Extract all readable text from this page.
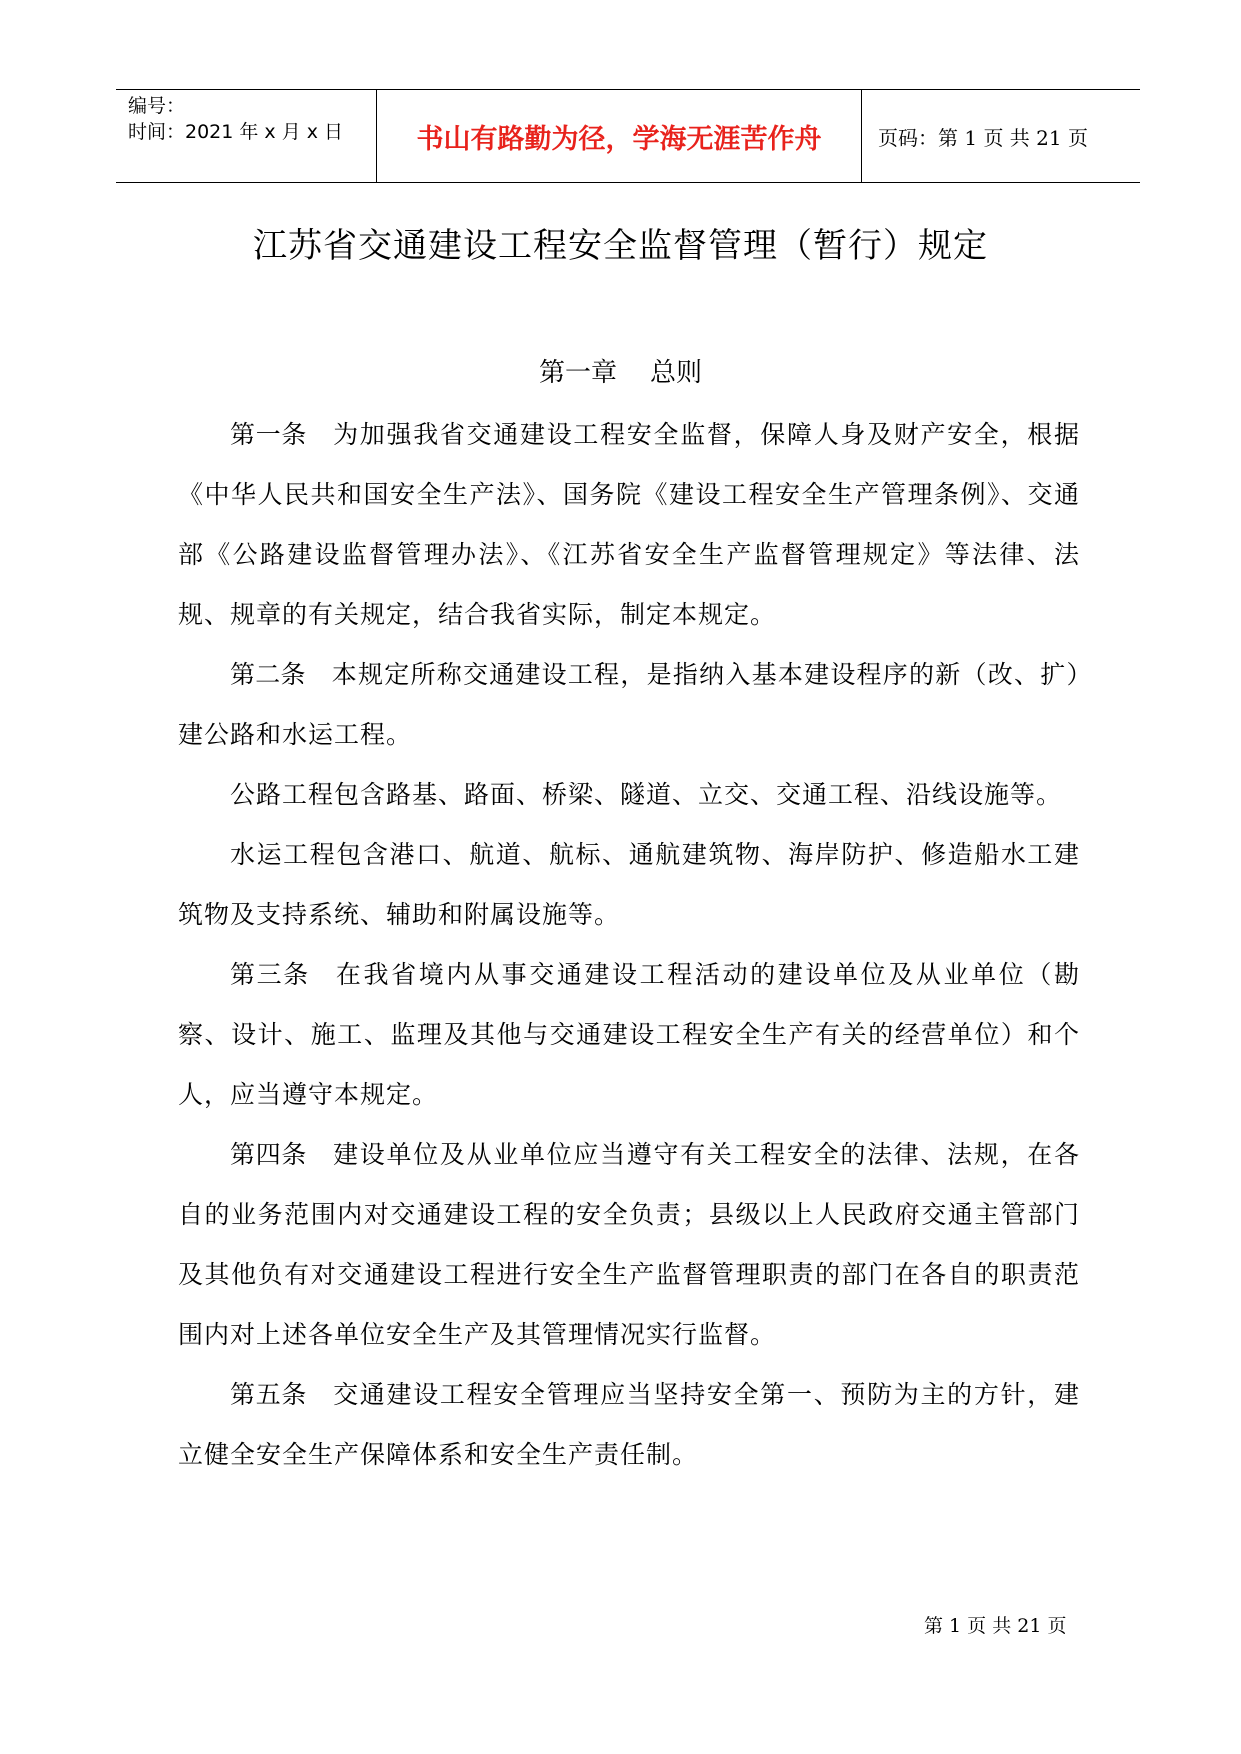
编号：
时间：2021 年 x 月 x 日	书山有路勤为径，学海无涯苦作舟	页码：第 1 页 共 21 页
江苏省交通建设工程安全监督管理（暂行）规定
第一章    总则

第一条 为加强我省交通建设工程安全监督，保障人身及财产安全，根据《中华人民共和国安全生产法》、国务院《建设工程安全生产管理条例》、交通部《公路建设监督管理办法》、《江苏省安全生产监督管理规定》等法律、法规、规章的有关规定，结合我省实际，制定本规定。

第二条 本规定所称交通建设工程，是指纳入基本建设程序的新（改、扩）建公路和水运工程。

公路工程包含路基、路面、桥梁、隧道、立交、交通工程、沿线设施等。

水运工程包含港口、航道、航标、通航建筑物、海岸防护、修造船水工建筑物及支持系统、辅助和附属设施等。

第三条 在我省境内从事交通建设工程活动的建设单位及从业单位（勘察、设计、施工、监理及其他与交通建设工程安全生产有关的经营单位）和个人，应当遵守本规定。

第四条 建设单位及从业单位应当遵守有关工程安全的法律、法规，在各自的业务范围内对交通建设工程的安全负责；县级以上人民政府交通主管部门及其他负有对交通建设工程进行安全生产监督管理职责的部门在各自的职责范围内对上述各单位安全生产及其管理情况实行监督。

第五条 交通建设工程安全管理应当坚持安全第一、预防为主的方针，建立健全安全生产保障体系和安全生产责任制。

第 1 页 共 21 页
